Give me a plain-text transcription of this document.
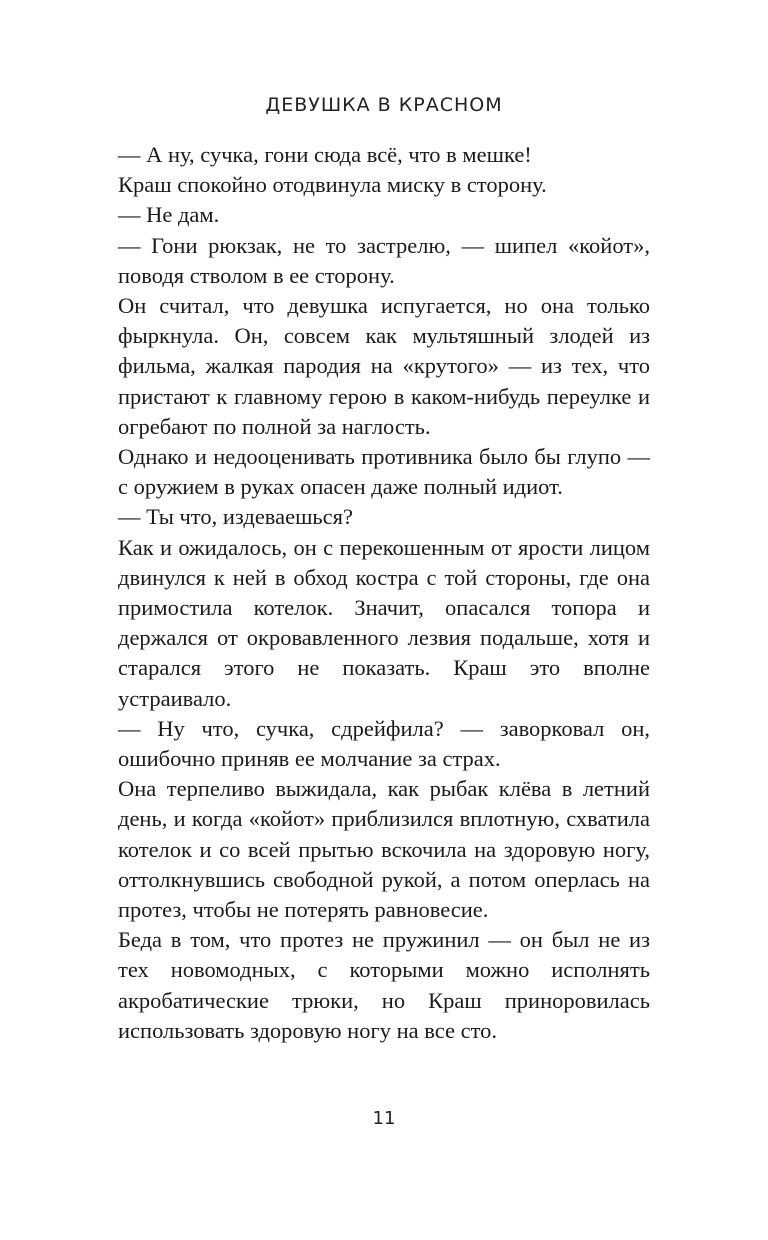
ДЕВУШКА В КРАСНОМ

— А ну, сучка, гони сюда всё, что в мешке!

Краш спокойно отодвинула миску в сторону.

— Не дам.

— Гони рюкзак, не то застрелю, — шипел «койот», поводя стволом в ее сторону.

Он считал, что девушка испугается, но она только фыркнула. Он, совсем как мультяшный злодей из фильма, жалкая пародия на «крутого» — из тех, что пристают к главному герою в каком-нибудь переулке и огребают по полной за наглость.

Однако и недооценивать противника было бы глупо — с оружием в руках опасен даже полный идиот.

— Ты что, издеваешься?

Как и ожидалось, он с перекошенным от ярости лицом двинулся к ней в обход костра с той стороны, где она примостила котелок. Значит, опасался топора и держался от окровавленного лезвия подальше, хотя и старался этого не показать. Краш это вполне устраивало.

— Ну что, сучка, сдрейфила? — заворковал он, ошибочно приняв ее молчание за страх.

Она терпеливо выжидала, как рыбак клёва в летний день, и когда «койот» приблизился вплотную, схватила котелок и со всей прытью вскочила на здоровую ногу, оттолкнувшись свободной рукой, а потом оперлась на протез, чтобы не потерять равновесие.

Беда в том, что протез не пружинил — он был не из тех новомодных, с которыми можно исполнять акробатические трюки, но Краш приноровилась использовать здоровую ногу на все сто.

11
